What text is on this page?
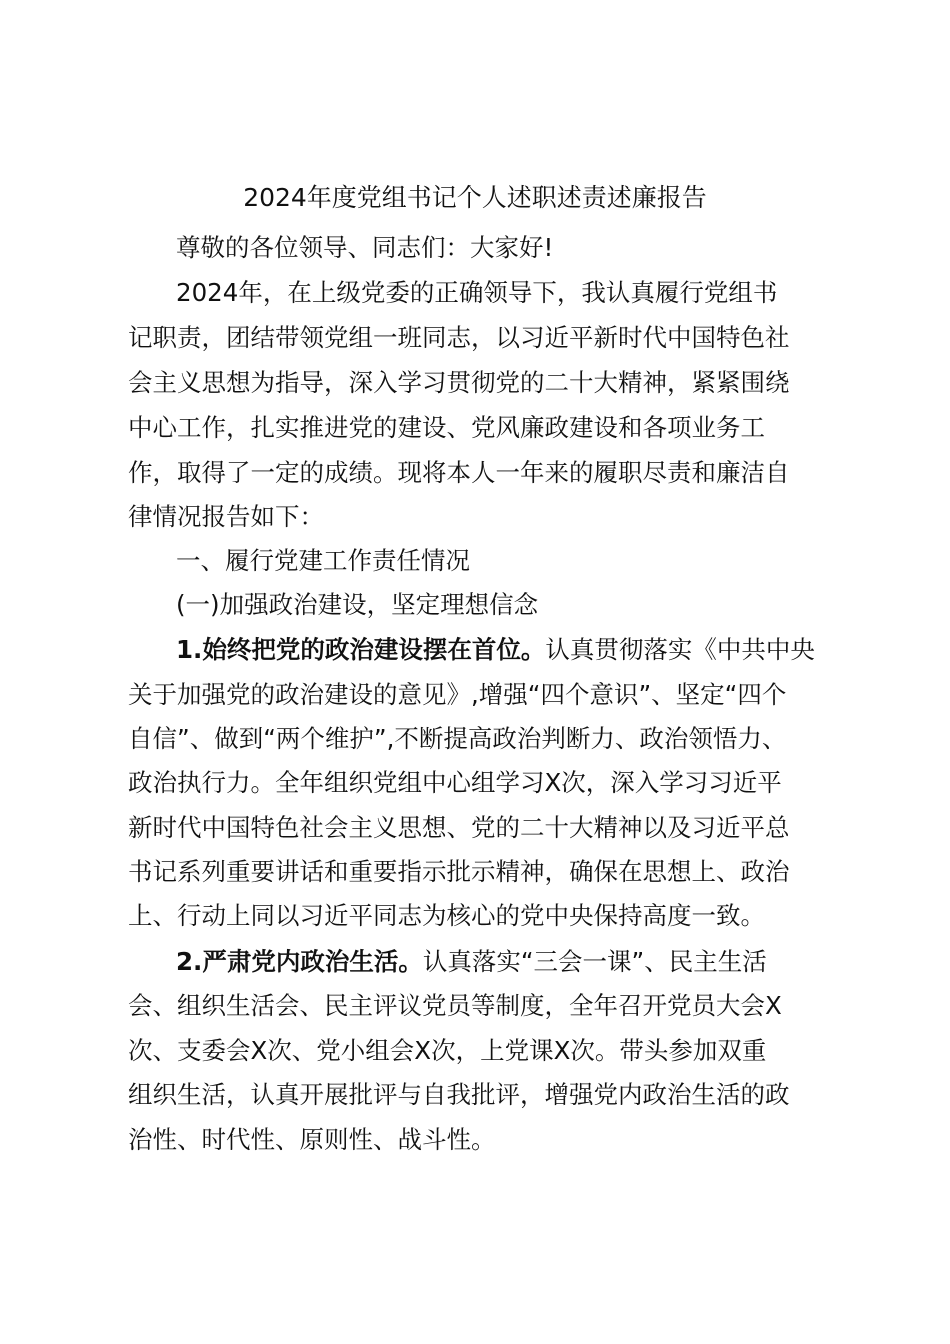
2024年度党组书记个人述职述责述廉报告
尊敬的各位领导、同志们：大家好!
2024年，在上级党委的正确领导下，我认真履行党组书
记职责，团结带领党组一班同志，以习近平新时代中国特色社
会主义思想为指导，深入学习贯彻党的二十大精神，紧紧围绕
中心工作，扎实推进党的建设、党风廉政建设和各项业务工
作，取得了一定的成绩。现将本人一年来的履职尽责和廉洁自
律情况报告如下：
一、履行党建工作责任情况
(一)加强政治建设，坚定理想信念
1.始终把党的政治建设摆在首位。认真贯彻落实《中共中央
关于加强党的政治建设的意见》,增强“四个意识”、坚定“四个
自信”、做到“两个维护”,不断提高政治判断力、政治领悟力、
政治执行力。全年组织党组中心组学习X次，深入学习习近平
新时代中国特色社会主义思想、党的二十大精神以及习近平总
书记系列重要讲话和重要指示批示精神，确保在思想上、政治
上、行动上同以习近平同志为核心的党中央保持高度一致。
2.严肃党内政治生活。认真落实“三会一课”、民主生活
会、组织生活会、民主评议党员等制度，全年召开党员大会X
次、支委会X次、党小组会X次，上党课X次。带头参加双重
组织生活，认真开展批评与自我批评，增强党内政治生活的政
治性、时代性、原则性、战斗性。
